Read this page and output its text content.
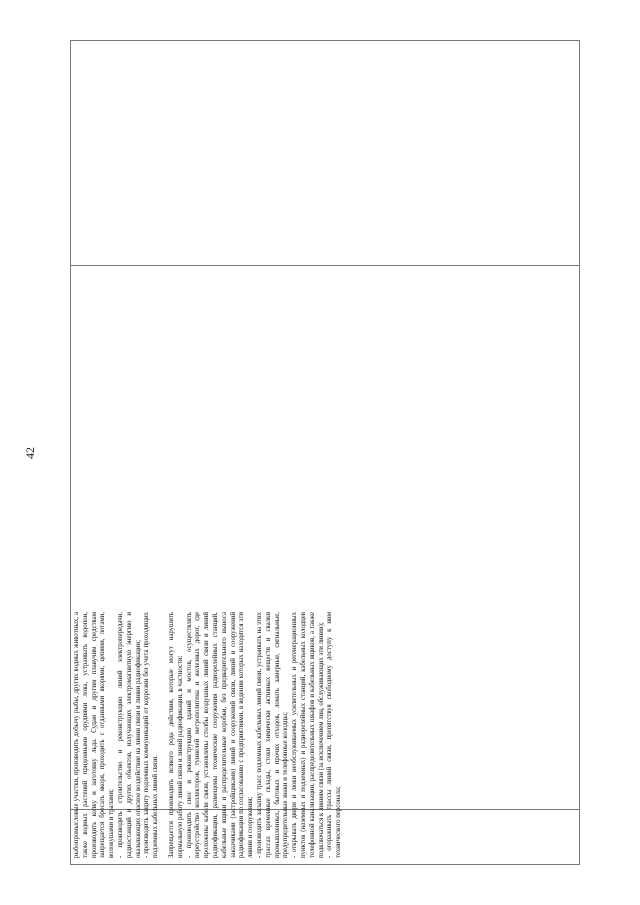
42

рыбопромысловые участки, производить добычу рыбы, других водных животных, а также водных растений придонными орудиями лова, устраивать водопои, производить колку и заготовку льда. Судам и другим плавучим средствам запрещается бросать якоря, проходить с отданными якорями, цепями, лотами, волокушами и тралами; - производить строительство и реконструкцию линий электропередачи, радиостанций и других объектов, излучающих электромагнитную энергию и оказывающих опасное воздействие на линии связи и линии радиофикации; - производить защиту подземных коммуникаций от коррозии без учета проходящих подземных кабельных линий связи. Запрещается производить всякого рода действия, которые могут нарушить нормальную работу линий связи и линий радиофикации, в частности: - производить снос и реконструкцию зданий и мостов, осуществлять переустройство коллекторов, туннелей метрополитена и железных дорог, где проложены кабели связи, установлены столбы воздушных линий связи и линий радиофикации, размещены технические сооружения радиорелейных станций, кабельные ящики и распределительные коробки, без предварительного выноса заказчиками (застройщиками) линий и сооружений связи, линий и сооружений радиофикации по согласованию с предприятиями, в ведении которых находятся эти линии и сооружения; - производить засыпку трасс подземных кабельных линий связи, устраивать на этих трассах временные склады, стоки химически активных веществ и свалки промышленных, бытовых и прочих отходов, ломать замерные, сигнальные, предупредительные знаки и телефонные колодцы; - открывать двери и люки необслуживаемых усилительных и регенерационных пунктов (наземных и подземных) и радиорелейных станций, кабельных колодцев телефонной канализации, распределительных шкафов и кабельных ящиков, а также подключаться к линиям связи (за исключением лиц, обслуживающих эти линии); - огораживать трассы линий связи, препятствуя свободному доступу к ним технического персонала;
